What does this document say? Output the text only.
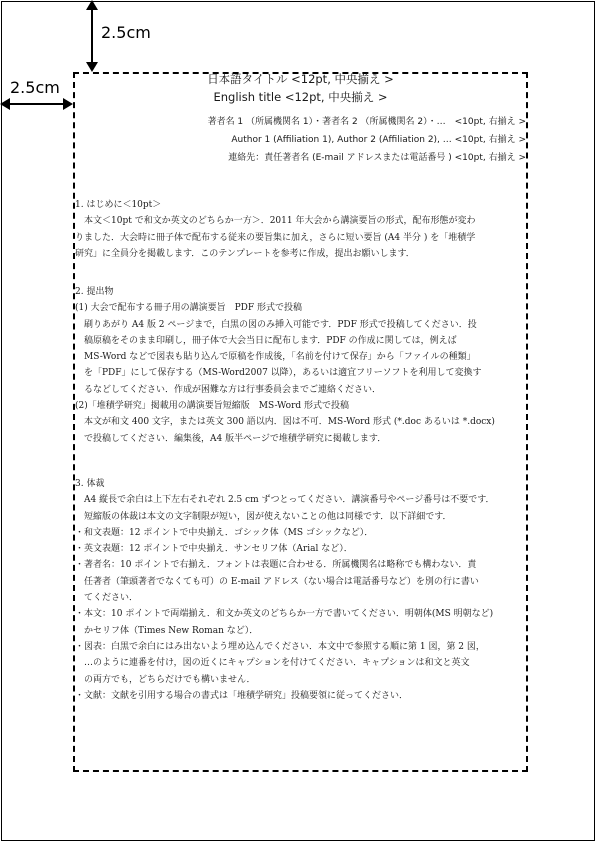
2.5cm
2.5cm	日本語タイトル <12pt, 中央揃え >
English title <12pt, 中央揃え >
著者名 1 （所属機関名 1）・著者名 2 （所属機関名 2）・…　<10pt, 右揃え >
Author 1 (Affiliation 1), Author 2 (Affiliation 2), … <10pt, 右揃え >
連絡先：責任著者名 (E-mail アドレスまたは電話番号 ) <10pt, 右揃え >
1. はじめに＜10pt＞
本文＜10pt で和文か英文のどちらか一方＞．2011 年大会から講演要旨の形式，配布形態が変わ
りました．大会時に冊子体で配布する従来の要旨集に加え，さらに短い要旨 (A4 半分 ) を「堆積学
研究」に全員分を掲載します．このテンプレートを参考に作成，提出お願いします．
2. 提出物
(1) 大会で配布する冊子用の講演要旨　PDF 形式で投稿
刷りあがり A4 版 2 ページまで，白黒の図のみ挿入可能です．PDF 形式で投稿してください．投
稿原稿をそのまま印刷し，冊子体で大会当日に配布します．PDF の作成に関しては，例えば
MS-Word などで図表も貼り込んで原稿を作成後，「名前を付けて保存」から「ファイルの種類」
を「PDF」にして保存する（MS-Word2007 以降），あるいは適宜フリーソフトを利用して変換す
るなどしてください．作成が困難な方は行事委員会までご連絡ください．
(2)「堆積学研究」掲載用の講演要旨短縮版　MS-Word 形式で投稿
本文が和文 400 文字，または英文 300 語以内．図は不可．MS-Word 形式 (*.doc あるいは *.docx)
で投稿してください．編集後，A4 版半ページで堆積学研究に掲載します．
3. 体裁
A4 縦長で余白は上下左右それぞれ 2.5 cm ずつとってください．講演番号やページ番号は不要です．
短縮版の体裁は本文の文字制限が短い，図が使えないことの他は同様です．以下詳細です．
・和文表題：12 ポイントで中央揃え．ゴシック体（MS ゴシックなど）．
・英文表題：12 ポイントで中央揃え．サンセリフ体（Arial など）．
・著者名：10 ポイントで右揃え．フォントは表題に合わせる．所属機関名は略称でも構わない．責
任著者（筆頭著者でなくても可）の E-mail アドレス（ない場合は電話番号など）を別の行に書い
てください．
・本文：10 ポイントで両端揃え．和文か英文のどちらか一方で書いてください．明朝体(MS 明朝など)
かセリフ体（Times New Roman など）．
・図表：白黒で余白にはみ出ないよう埋め込んでください．本文中で参照する順に第 1 図，第 2 図，
…のように連番を付け，図の近くにキャプションを付けてください．キャプションは和文と英文
の両方でも，どちらだけでも構いません．
・文献：文献を引用する場合の書式は「堆積学研究」投稿要領に従ってください．
